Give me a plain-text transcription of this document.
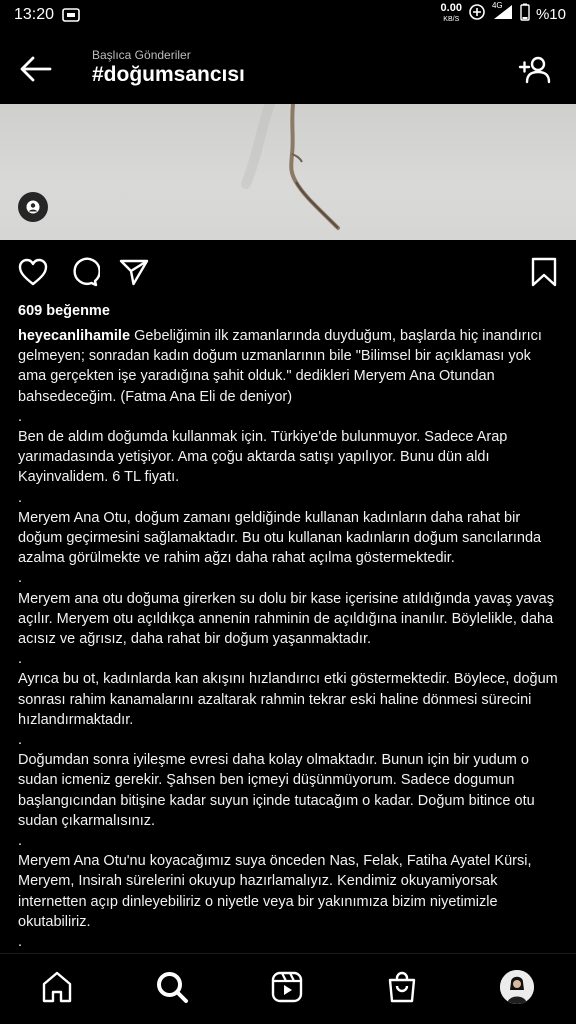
13:20	0.00
KB/S
4G %10
Başlıca Gönderiler
#doğumsancısı
609 beğenme

heyecanlihamile Gebeliğimin ilk zamanlarında duyduğum, başlarda hiç inandırıcı gelmeyen; sonradan kadın doğum uzmanlarının bile "Bilimsel bir açıklaması yok ama gerçekten işe yaradığına şahit olduk." dedikleri Meryem Ana Otundan bahsedeceğim. (Fatma Ana Eli de deniyor)

.

Ben de aldım doğumda kullanmak için. Türkiye'de bulunmuyor. Sadece Arap yarımadasında yetişiyor. Ama çoğu aktarda satışı yapılıyor. Bunu dün aldı Kayinvalidem. 6 TL fiyatı.

.

Meryem Ana Otu, doğum zamanı geldiğinde kullanan kadınların daha rahat bir doğum geçirmesini sağlamaktadır. Bu otu kullanan kadınların doğum sancılarında azalma görülmekte ve rahim ağzı daha rahat açılma göstermektedir.

.

Meryem ana otu doğuma girerken su dolu bir kase içerisine atıldığında yavaş yavaş açılır. Meryem otu açıldıkça annenin rahminin de açıldığına inanılır. Böylelikle, daha acısız ve ağrısız, daha rahat bir doğum yaşanmaktadır.

.

Ayrıca bu ot, kadınlarda kan akışını hızlandırıcı etki göstermektedir. Böylece, doğum sonrası rahim kanamalarını azaltarak rahmin tekrar eski haline dönmesi sürecini hızlandırmaktadır.

.

Doğumdan sonra iyileşme evresi daha kolay olmaktadır. Bunun için bir yudum o sudan icmeniz gerekir. Şahsen ben içmeyi düşünmüyorum. Sadece dogumun başlangıcından bitişine kadar suyun içinde tutacağım o kadar. Doğum bitince otu sudan çıkarmalısınız.

.

Meryem Ana Otu'nu koyacağımız suya önceden Nas, Felak, Fatiha Ayatel Kürsi, Meryem, Insirah sürelerini okuyup hazırlamalıyız. Kendimiz okuyamiyorsak internetten açıp dinleyebiliriz o niyetle veya bir yakınımıza bizim niyetimizle okutabiliriz.

.
